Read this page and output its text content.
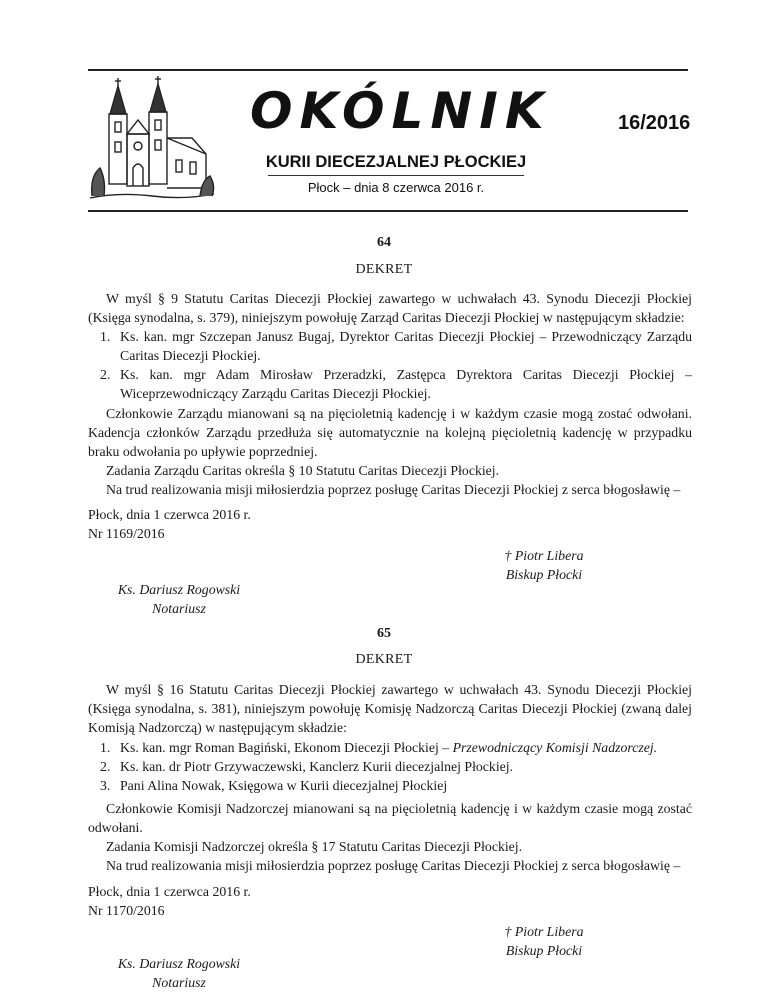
OKÓLNIK	16/2016
KURII DIECEZJALNEJ PŁOCKIEJ
Płock – dnia 8 czerwca 2016 r.
64
DEKRET

W myśl § 9 Statutu Caritas Diecezji Płockiej zawartego w uchwałach 43. Synodu Diecezji Płockiej (Księga synodalna, s. 379), niniejszym powołuję Zarząd Caritas Diecezji Płockiej w następującym składzie:

1. Ks. kan. mgr Szczepan Janusz Bugaj, Dyrektor Caritas Diecezji Płockiej – Przewodniczący Zarządu Caritas Diecezji Płockiej.
2. Ks. kan. mgr Adam Mirosław Przeradzki, Zastępca Dyrektora Caritas Diecezji Płockiej – Wiceprzewodniczący Zarządu Caritas Diecezji Płockiej.

Członkowie Zarządu mianowani są na pięcioletnią kadencję i w każdym czasie mogą zostać odwołani. Kadencja członków Zarządu przedłuża się automatycznie na kolejną pięcioletnią kadencję w przypadku braku odwołania po upływie poprzedniej.

Zadania Zarządu Caritas określa § 10 Statutu Caritas Diecezji Płockiej.

Na trud realizowania misji miłosierdzia poprzez posługę Caritas Diecezji Płockiej z serca błogosławię –

Płock, dnia 1 czerwca 2016 r.
Nr 1169/2016
† Piotr Libera
Biskup Płocki
Ks. Dariusz Rogowski
Notariusz
65
DEKRET

W myśl § 16 Statutu Caritas Diecezji Płockiej zawartego w uchwałach 43. Synodu Diecezji Płockiej (Księga synodalna, s. 381), niniejszym powołuję Komisję Nadzorczą Caritas Diecezji Płockiej (zwaną dalej Komisją Nadzorczą) w następującym składzie:

1. Ks. kan. mgr Roman Bagiński, Ekonom Diecezji Płockiej – Przewodniczący Komisji Nadzorczej.
2. Ks. kan. dr Piotr Grzywaczewski, Kanclerz Kurii diecezjalnej Płockiej.
3. Pani Alina Nowak, Księgowa w Kurii diecezjalnej Płockiej

Członkowie Komisji Nadzorczej mianowani są na pięcioletnią kadencję i w każdym czasie mogą zostać odwołani.

Zadania Komisji Nadzorczej określa § 17 Statutu Caritas Diecezji Płockiej.

Na trud realizowania misji miłosierdzia poprzez posługę Caritas Diecezji Płockiej z serca błogosławię –

Płock, dnia 1 czerwca 2016 r.
Nr 1170/2016
† Piotr Libera
Biskup Płocki
Ks. Dariusz Rogowski
Notariusz
